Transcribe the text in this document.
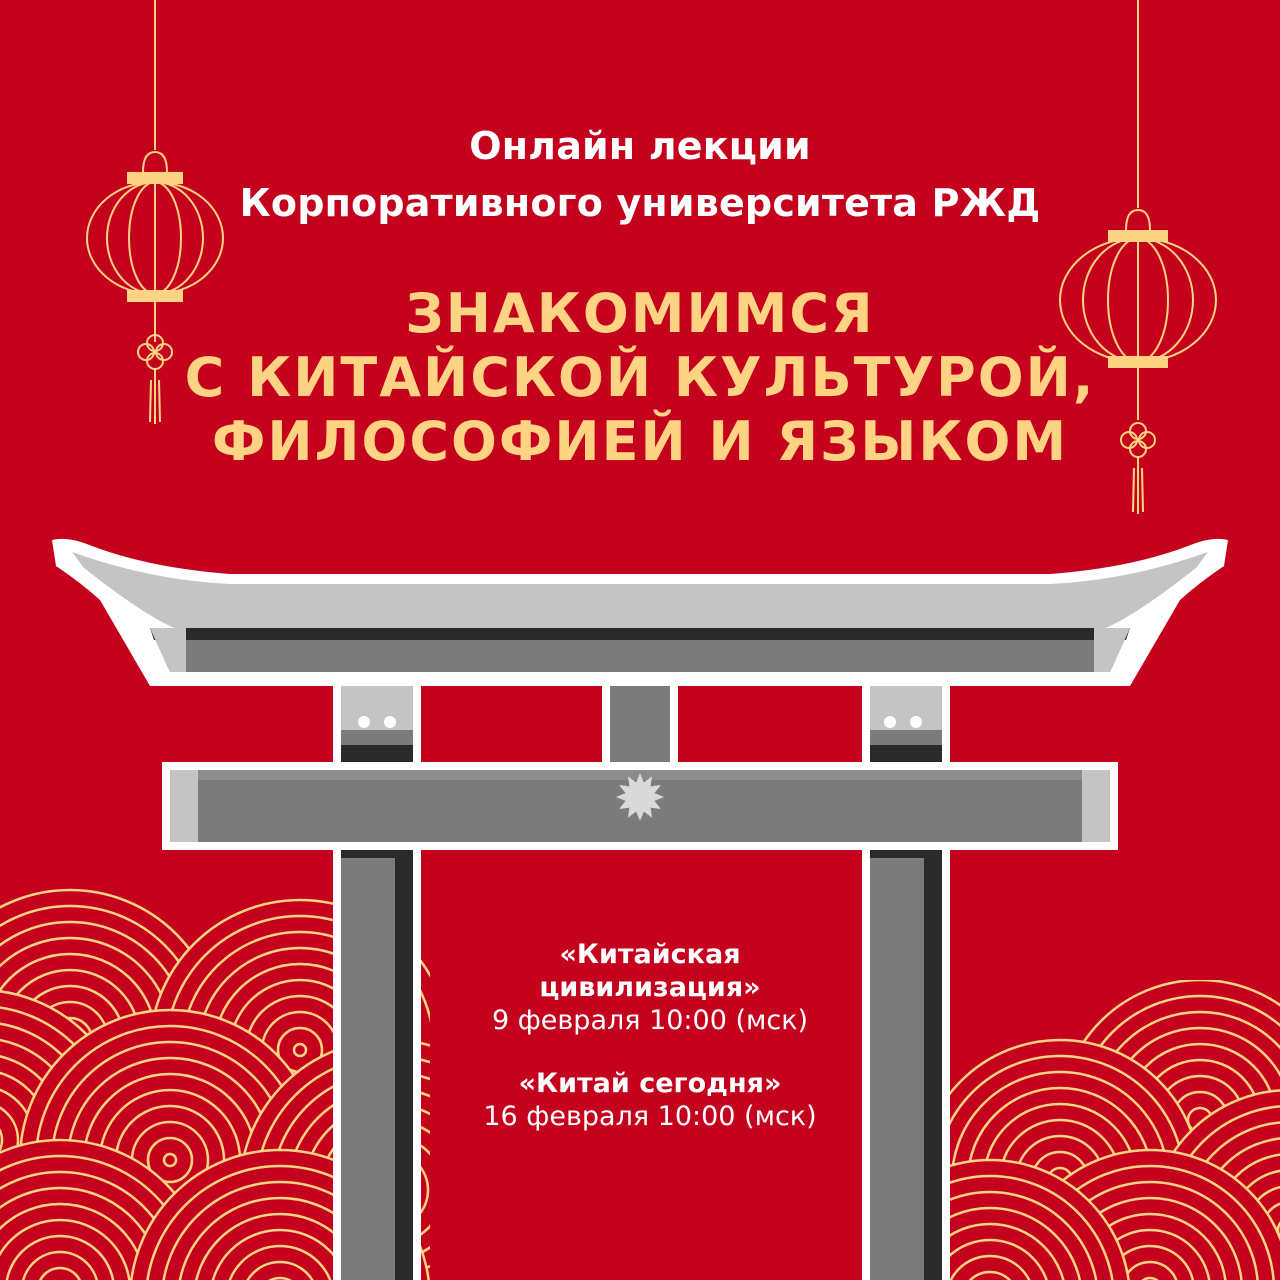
Онлайн лекции
Корпоративного университета РЖД
ЗНАКОМИМСЯ
С КИТАЙСКОЙ КУЛЬТУРОЙ,
ФИЛОСОФИЕЙ И ЯЗЫКОМ
«Китайская
цивилизация»
9 февраля 10:00 (мск)
«Китай сегодня»
16 февраля 10:00 (мск)
